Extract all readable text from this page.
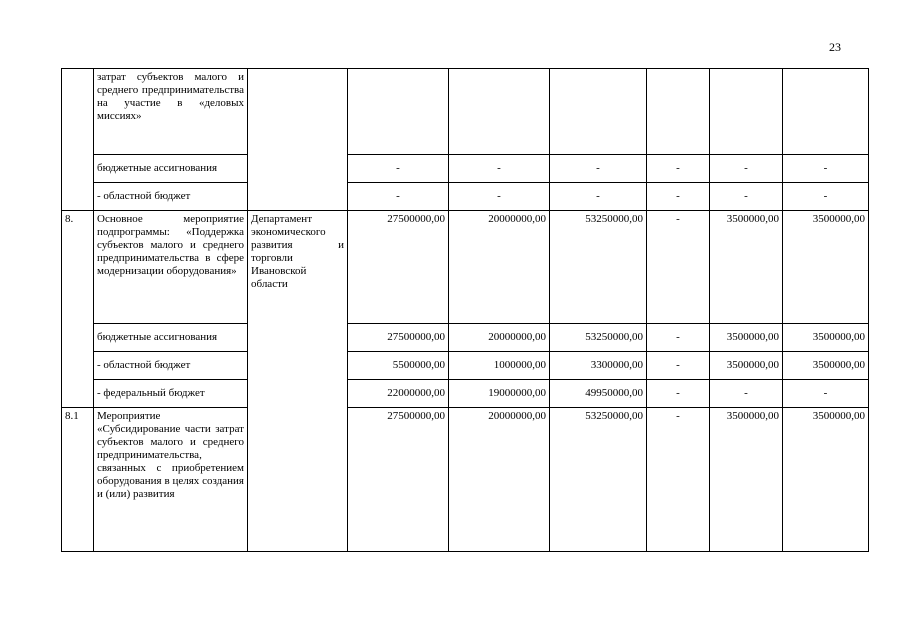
23
	затрат субъектов малого и среднего предпринимательства на участие в «деловых миссиях»							
	бюджетные ассигнования		-	-	-	-	-	-
	- областной бюджет		-	-	-	-	-	-
8.	Основное мероприятие подпрограммы: «Поддержка субъектов малого и среднего предпринимательства в сфере модернизации оборудования»	Департамент экономического развития и торговли Ивановской области	27500000,00	20000000,00	53250000,00	-	3500000,00	3500000,00
	бюджетные ассигнования		27500000,00	20000000,00	53250000,00	-	3500000,00	3500000,00
	- областной бюджет		5500000,00	1000000,00	3300000,00	-	3500000,00	3500000,00
	- федеральный бюджет		22000000,00	19000000,00	49950000,00	-	-	-
8.1	Мероприятие «Субсидирование части затрат субъектов малого и среднего предпринимательства, связанных с приобретением оборудования в целях создания и (или) развития		27500000,00	20000000,00	53250000,00	-	3500000,00	3500000,00
